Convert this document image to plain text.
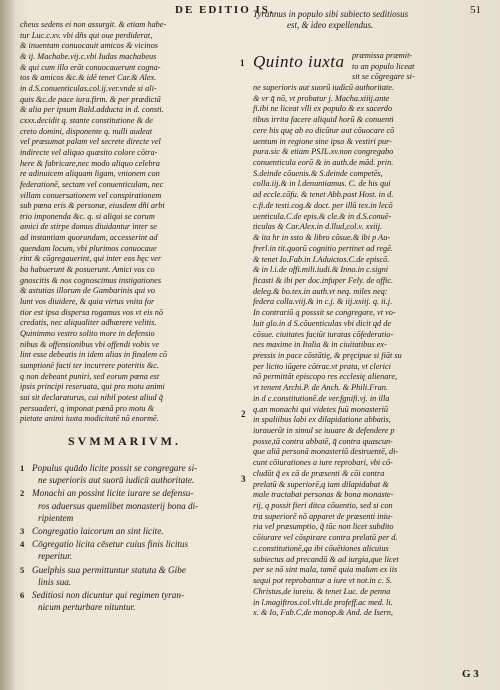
DE EDITIO IS.	51
cheus sedens ei non assurgit. & etiam habe-
tur Luc.c.xv. vbi dñs qui oue perdiderat,
& inuentam conuocauit amicos & vicinos
& ij. Machabe.vij.c.vbi Iudas machabeus
& qui cum illo erāt conuocauerunt cogna-
tos & amicos &c.& idē tenet Car.& Alex.
in d.S.conuenticulas.col.ij.ver.vnde si ali-
quis &c.de pace iura.firm. & per prædictā
& alia per ipsum Bald.adducta in d. consti.
cxxx.decidit q. stante constitutione & de
creto domini, disponente q. nulli audeat
vel præsumat palam vel secrete directe vel
indirecte vel aliquo quæsito colore cōtra-
here & fabricare,nec modo aliquo celebra
re adinuicem aliquam ligam, vnionem con
federationē, sectam vel conuenticulam, nec
villam conuersationem vel conspirationem
sub pœna eris & personæ, eiusdem dñi arbi
trio imponenda &c. q. si aliqui se corum
amici de stirpe domus diuidantur inter se
ad instantiam quorundam, accesserint ad
quendam locum, vbi plurimos conuocaue
rint & cōgregauerint, qui inter eos hęc ver
ba habuerunt & posuerunt. Amici vos co
gnoscitis & nos cognoscimus instigationes
& astutias illorum de Gambarinis qui vo
lunt vos diuidere, & quia virtus vnita for
tior est ipsa dispersa rogamus vos vt eis nō
credatis, nec aliqualiter adhærere velitis.
Quinimmo vestro solito more in defensio
nibus & offensionibus vbi offendi vobis ve
lint esse debeatis in idem alias in finalem cō
sumptionē facti ter incurrere poteritis &c.
q non debeant puniri, sed eorum pœna est
ipsis principi reseruata, qui pro motu animi
sui sit declaraturus, cui nihil potest aliud q̃
persuaderi, q imponat pœnā pro motu &
pietate animi iuxta modicitatē nō enormē.
SVMMARIVM.
1 Populus quādo licite possit se congregare si-
ne superioris aut suorū iudicū authoritate.
2 Monachi an possint licite iurare se defensu-
ros aduersus quemlibet monasterij bona di-
ripientem
3 Congregatio laicorum an sint licite.
4 Cōgregatio licita cēsetur cuius finis licitus
reperitur.
5 Guelphis sua permittuntur statuta & Gibe
linis sua.
6 Seditiosi non dicuntur qui regimen tyran-
nicum perturbare nituntur.
Tyrannus in populo sibi subiecto seditiosus
est, & ideo expellendus.
1 Quinto iuxta præmissa præmit-
to an populo liceat
sit se cōgregare si-
ne superioris aut suorū iudicū authoritate.
& vr q̄ nō, vt probatur j. Macha.xiiij.ante
fi.ibi ne liceat vlli ex populo & ex sacerdo
tibus irrita facere aliquid horū & conuenti
cere his quę ab eo dicūtur aut cōuocare cō
uentum in regione sine ipso & vestiri pur-
pura.sic & etiam PSJL.xv.non congregabo
conuenticula eorū & in auth.de mād. prin.
S.deinde cōuenis.& S.deinde competēs,
colla.iij.& in l.denuntiamus. C. de his qui
ad eccle.cōfu. & tenet Abb.post Host. in d.
c.fi.de testi.cog.& doct. per illū tex.in lecō
uenticula.C.de epis.& cle.& in d.S.conuē-
ticulas & Car.Alex.in d.llud,col.v. xxiij.
& ita hr in ssto & libro cōsue.& ibi p Au-
frerl.in tit.quorū cognitio pertinet ad regē.
& tenet Io.Fab.in I.Aduictos.C.de episcō.
& in l.i.de offi.mili.iudi.& Inno.in c.signi
ficasti & ibi per doc.infuper Fely. de offic.
deleg.& bo.tex.in auth.vt neq. miles neq:
federa colla.viij.& in c.j. & iij.xxiij. q. ii.j.
In contrariū q posssit se congregare, vt vo-
luit glo.in d S.cōuenticulas vbi dicit qd de
cōsue. ciuitates faciūt iuratas cōfederatio-
nes maxime in Italia & in ciuitatibus ex-
pressis in pace cōstātię, & pręcipue si fiāt su
per licito iūgere cōtrac.vt prata, vt clerici
nō permittāt episcopo res ecclesię alienare,
vt tenent Archi.P. de Anch. & Phili.Fran.
in d c.constitutionē.de ver.fgnifi.vj. in illa
q.an monachi qui videtes fuū monasteriū
in spaliibus labi ex dilapidatione abbatis,
iurauerūt in simul se iuuare & defendere p
posse,tā contra abbatē, q̄ contra quascun-
que aliā personā monasteriū destruentē, di-
cunt cōiurationes a iure reprobari, vbi cō-
cludūt q̃ ex cā de præsenti & cōi contra
prelatū & superiorē,q iam dilapidabat &
male tractabat personas & bona monaste-
rij, q possit fieri ditca cōuentio, sed si con
tra superiorē nō apparet de præsenti iniu-
ria vel præsumptio, q̃ tūc non licet subdito
cōiurare vel cōspirare contra prelatū per d.
c.constitutionē,qa ibi cōuētiones alicuius
subiectus ad precandū & ad iurgia,que licet
per se nō sint mala, tamē quia malum ex iis
sequi pot reprobantur a iure vt not.in c. S.
Christus,de iureiu. & tenet Luc. de penna
in l.magiftros.col.vlti.de profeff.ac med. li.
x. & Io, Fab.C,de monop.& And. de Isern,
2
3
G 3
